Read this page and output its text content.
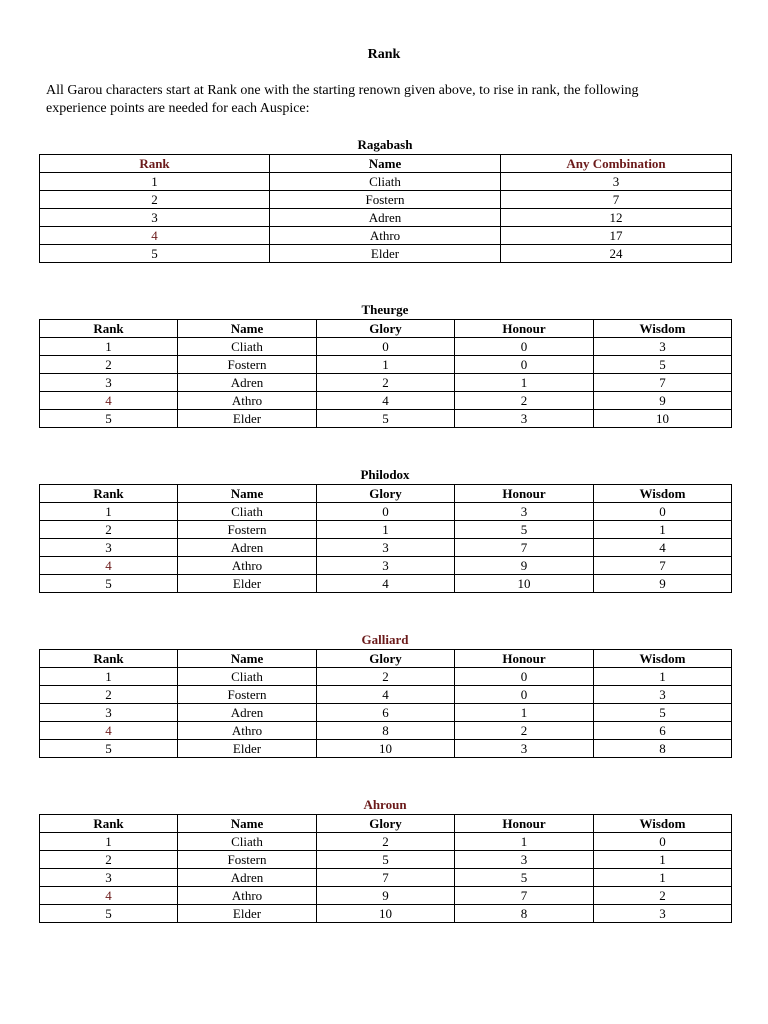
Rank

All Garou characters start at Rank one with the starting renown given above, to rise in rank, the following

experience points are needed for each Auspice:

Ragabash
Rank	Name	Any Combination
1	Cliath	3
2	Fostern	7
3	Adren	12
4	Athro	17
5	Elder	24
Theurge
Rank	Name	Glory	Honour	Wisdom
1	Cliath	0	0	3
2	Fostern	1	0	5
3	Adren	2	1	7
4	Athro	4	2	9
5	Elder	5	3	10
Philodox
Rank	Name	Glory	Honour	Wisdom
1	Cliath	0	3	0
2	Fostern	1	5	1
3	Adren	3	7	4
4	Athro	3	9	7
5	Elder	4	10	9
Galliard
Rank	Name	Glory	Honour	Wisdom
1	Cliath	2	0	1
2	Fostern	4	0	3
3	Adren	6	1	5
4	Athro	8	2	6
5	Elder	10	3	8
Ahroun
Rank	Name	Glory	Honour	Wisdom
1	Cliath	2	1	0
2	Fostern	5	3	1
3	Adren	7	5	1
4	Athro	9	7	2
5	Elder	10	8	3
